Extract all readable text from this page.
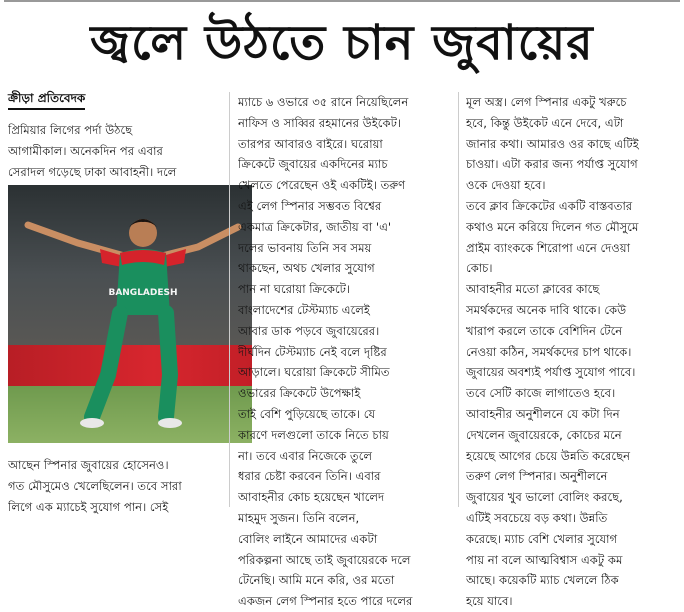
জ্বলে উঠতে চান জুবায়ের
ক্রীড়া প্রতিবেদক
প্রিমিয়ার লিগের পর্দা উঠছে
আগামীকাল। অনেকদিন পর এবার
সেরাদল গড়েছে ঢাকা আবাহনী। দলে
BANGLADESH
আছেন স্পিনার জুবায়ের হোসেনও।
গত মৌসুমেও খেলেছিলেন। তবে সারা
লিগে এক ম্যাচেই সুযোগ পান। সেই
ম্যাচে ৬ ওভারে ৩৫ রানে নিয়েছিলেন
নাফিস ও সাব্বির রহমানের উইকেট।
তারপর আবারও বাইরে। ঘরোয়া
ক্রিকেটে জুবায়ের একদিনের ম্যাচ
খেলতে পেরেছেন ওই একটিই। তরুণ
এই লেগ স্পিনার সম্ভবত বিশ্বের
একমাত্র ক্রিকেটার, জাতীয় বা 'এ'
দলের ভাবনায় তিনি সব সময়
থাকছেন, অথচ খেলার সুযোগ
পান না ঘরোয়া ক্রিকেটে।
বাংলাদেশের টেস্টম্যাচ এলেই
আবার ডাক পড়বে জুবায়েরের।
দীর্ঘদিন টেস্টম্যাচ নেই বলে দৃষ্টির
আড়ালে। ঘরোয়া ক্রিকেটে সীমিত
ওভারের ক্রিকেটে উপেক্ষাই
তাই বেশি পুড়িয়েছে তাকে। যে
কারণে দলগুলো তাকে নিতে চায়
না। তবে এবার নিজেকে তুলে
ধরার চেষ্টা করবেন তিনি। এবার
আবাহনীর কোচ হয়েছেন খালেদ
মাহমুদ সুজন। তিনি বলেন,
বোলিং লাইনে আমাদের একটা
পরিকল্পনা আছে তাই জুবায়েরকে দলে
টেনেছি। আমি মনে করি, ওর মতো
একজন লেগ স্পিনার হতে পারে দলের
মূল অস্ত্র। লেগ স্পিনার একটু খরুচে
হবে, কিন্তু উইকেট এনে দেবে, এটা
জানার কথা। আমারও ওর কাছে এটিই
চাওয়া। এটা করার জন্য পর্যাপ্ত সুযোগ
ওকে দেওয়া হবে।
তবে ক্লাব ক্রিকেটের একটি বাস্তবতার
কথাও মনে করিয়ে দিলেন গত মৌসুমে
প্রাইম ব্যাংককে শিরোপা এনে দেওয়া
কোচ।
আবাহনীর মতো ক্লাবের কাছে
সমর্থকদের অনেক দাবি থাকে। কেউ
খারাপ করলে তাকে বেশিদিন টেনে
নেওয়া কঠিন, সমর্থকদের চাপ থাকে।
জুবায়ের অবশ্যই পর্যাপ্ত সুযোগ পাবে।
তবে সেটি কাজে লাগাতেও হবে।
আবাহনীর অনুশীলনে যে কটা দিন
দেখলেন জুবায়েরকে, কোচের মনে
হয়েছে আগের চেয়ে উন্নতি করেছেন
তরুণ লেগ স্পিনার। অনুশীলনে
জুবায়ের খুব ভালো বোলিং করছে,
এটিই সবচেয়ে বড় কথা। উন্নতি
করেছে। ম্যাচ বেশি খেলার সুযোগ
পায় না বলে আত্মবিশ্বাস একটু কম
আছে। কয়েকটি ম্যাচ খেললে ঠিক
হয়ে যাবে।
